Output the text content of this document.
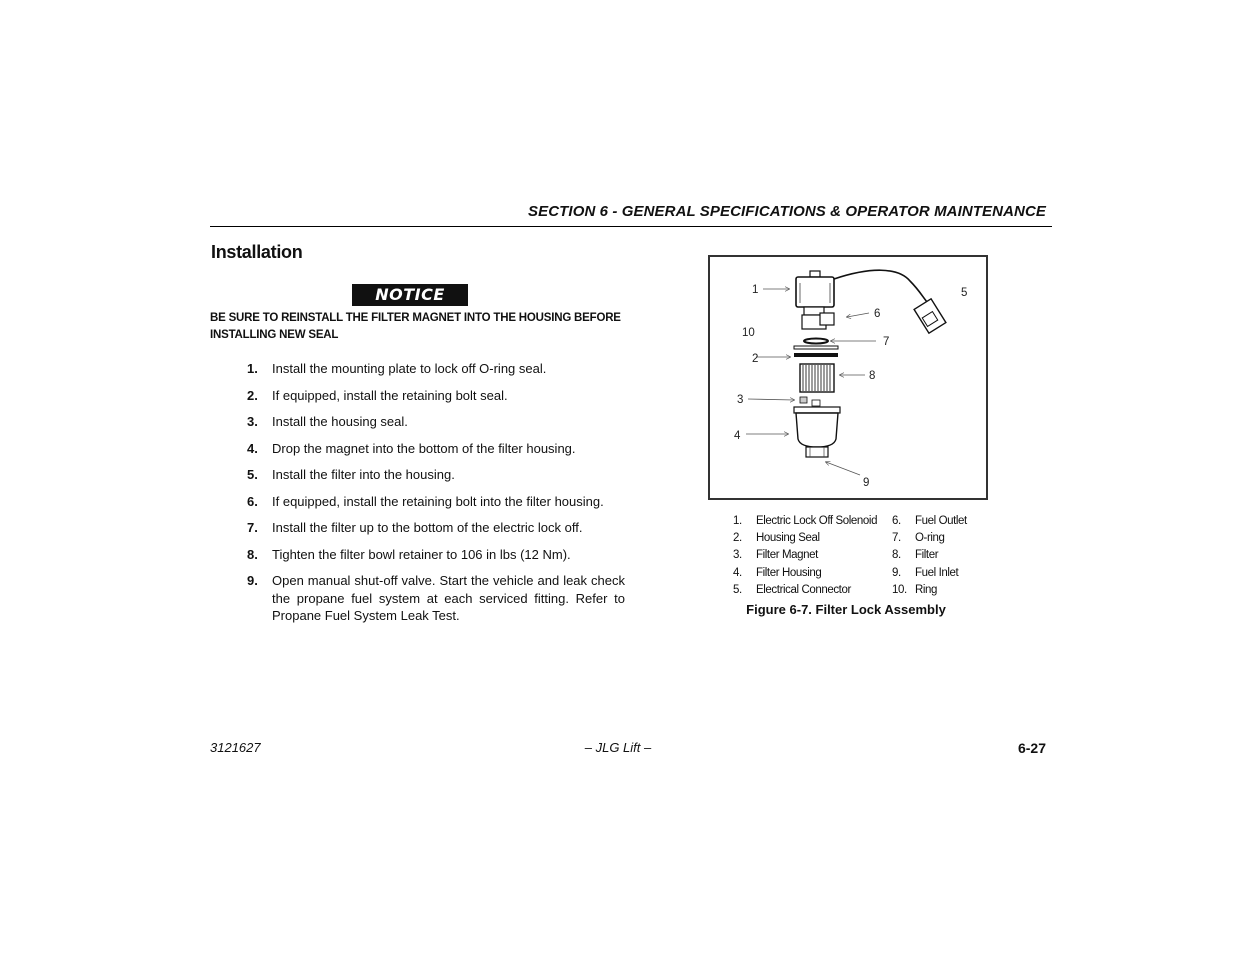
SECTION 6 - GENERAL SPECIFICATIONS & OPERATOR MAINTENANCE
Installation
NOTICE
BE SURE TO REINSTALL THE FILTER MAGNET INTO THE HOUSING BEFORE INSTALLING NEW SEAL
1.	Install the mounting plate to lock off O-ring seal.
2.	If equipped, install the retaining bolt seal.
3.	Install the housing seal.
4.	Drop the magnet into the bottom of the filter housing.
5.	Install the filter into the housing.
6.	If equipped, install the retaining bolt into the filter housing.
7.	Install the filter up to the bottom of the electric lock off.
8.	Tighten the filter bowl retainer to 106 in lbs (12 Nm).
9.	Open manual shut-off valve. Start the vehicle and leak check the propane fuel system at each serviced fitting. Refer to Propane Fuel System Leak Test.
1
2
3
4
5
6
7
8
9
10
1. Electric Lock Off Solenoid 6. Fuel Outlet
2. Housing Seal	7. O-ring
3. Filter Magnet	8. Filter
4. Filter Housing	9. Fuel Inlet
5. Electrical Connector	10. Ring
Figure 6-7. Filter Lock Assembly
3121627	– JLG Lift –	6-27
